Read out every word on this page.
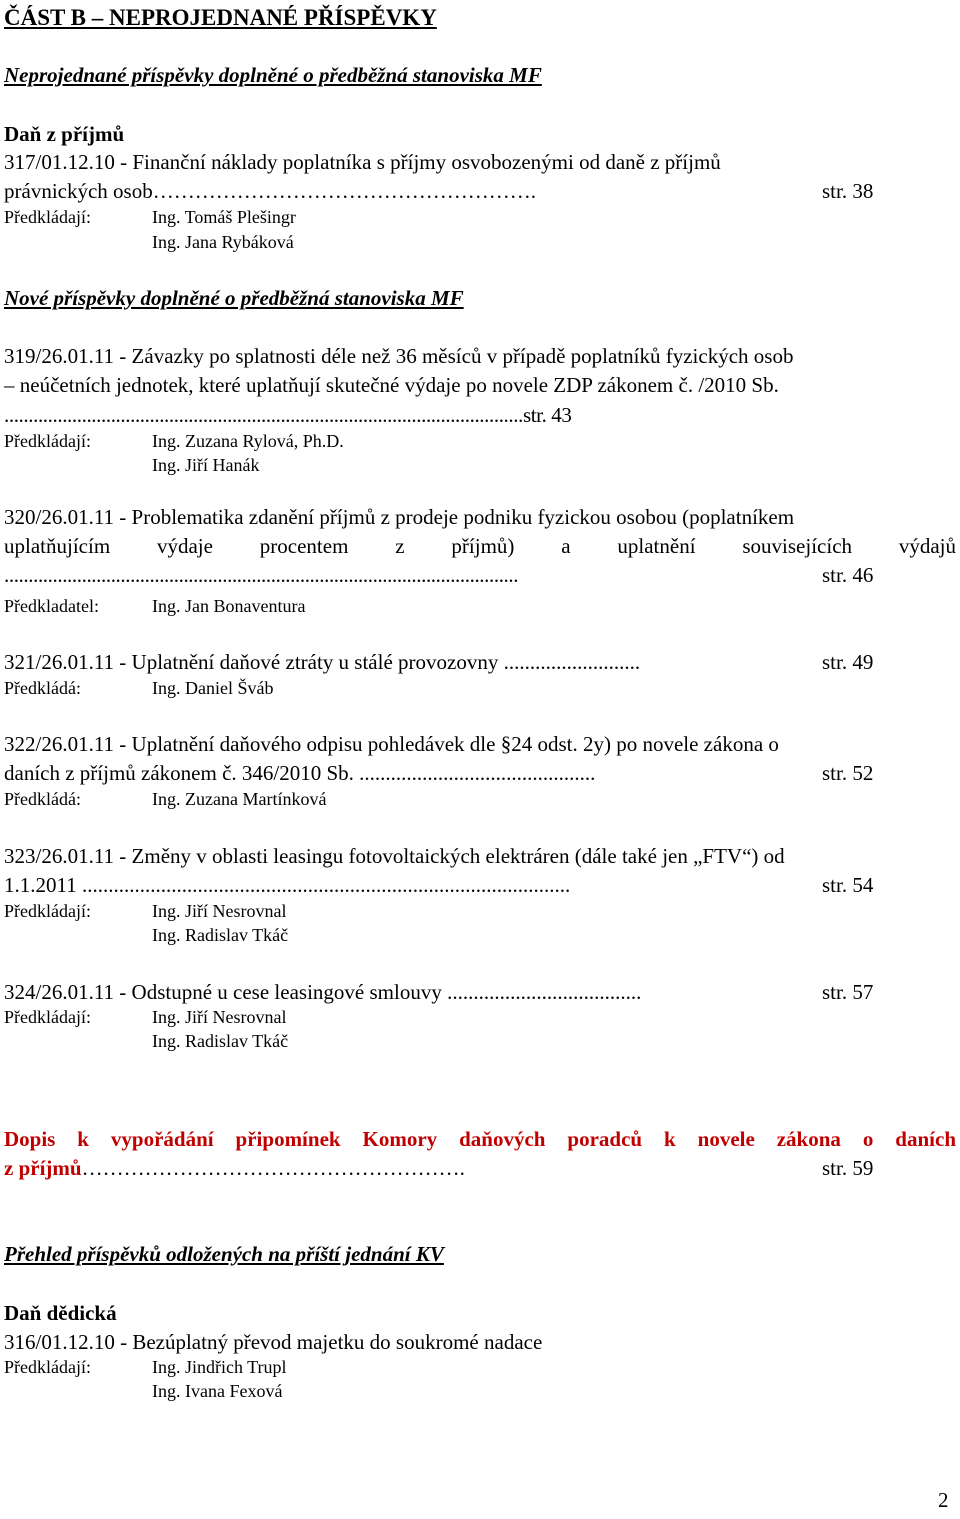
ČÁST B – NEPROJEDNANÉ PŘÍSPĚVKY
Neprojednané příspěvky doplněné o předběžná stanoviska MF
Daň z příjmů
317/01.12.10 - Finanční náklady poplatníka s příjmy osvobozenými od daně z příjmů
právnických osob……………………………………………….	str. 38
Předkládají:	Ing. Tomáš Plešingr
Ing. Jana Rybáková
Nové příspěvky doplněné o předběžná stanoviska MF
319/26.01.11 - Závazky po splatnosti déle než 36 měsíců v případě poplatníků fyzických osob
– neúčetních jednotek, které uplatňují skutečné výdaje po novele ZDP zákonem č. /2010 Sb.
...........................................................................................................str. 43
Předkládají:	Ing. Zuzana Rylová, Ph.D.
Ing. Jiří Hanák
320/26.01.11 - Problematika zdanění příjmů z prodeje podniku fyzickou osobou (poplatníkem
uplatňujícím výdaje procentem z příjmů) a uplatnění souvisejících výdajů
..........................................................................................................	str. 46
Předkladatel:	Ing. Jan Bonaventura
321/26.01.11 - Uplatnění daňové ztráty u stálé provozovny ..........................	str. 49
Předkládá:	Ing. Daniel Šváb
322/26.01.11 - Uplatnění daňového odpisu pohledávek dle §24 odst. 2y) po novele zákona o
daních z příjmů zákonem č. 346/2010 Sb. .............................................	str. 52
Předkládá:	Ing. Zuzana Martínková
323/26.01.11 - Změny v oblasti leasingu fotovoltaických elektráren (dále také jen „FTV“) od
1.1.2011 .............................................................................................	str. 54
Předkládají:	Ing. Jiří Nesrovnal
Ing. Radislav Tkáč
324/26.01.11 - Odstupné u cese leasingové smlouvy .....................................	str. 57
Předkládají:	Ing. Jiří Nesrovnal
Ing. Radislav Tkáč
Dopis k vypořádání připomínek Komory daňových poradců k novele zákona o daních
z příjmů……………………………………………….	str. 59
Přehled příspěvků odložených na příští jednání KV
Daň dědická
316/01.12.10 - Bezúplatný převod majetku do soukromé nadace
Předkládají:	Ing. Jindřich Trupl
Ing. Ivana Fexová
2
